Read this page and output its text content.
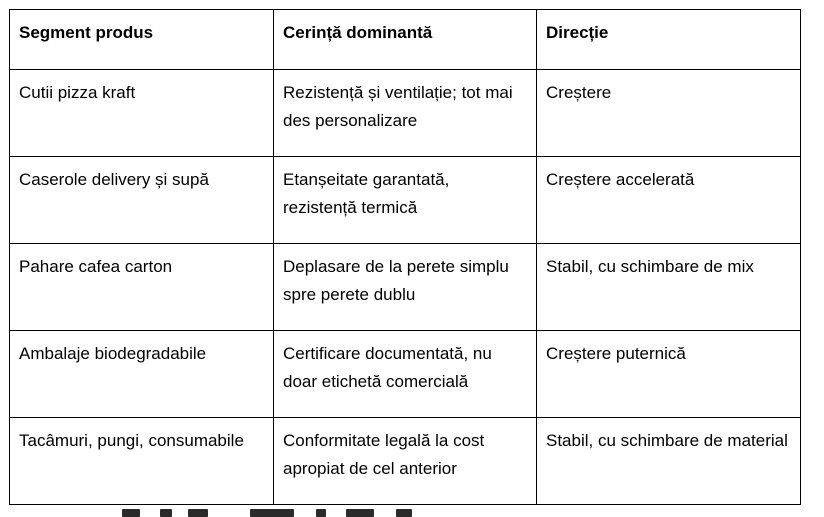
Segment produs	Cerință dominantă	Direcție
Cutii pizza kraft	Rezistență și ventilație; tot mai des personalizare	Creștere
Caserole delivery și supă	Etanșeitate garantată, rezistență termică	Creștere accelerată
Pahare cafea carton	Deplasare de la perete simplu spre perete dublu	Stabil, cu schimbare de mix
Ambalaje biodegradabile	Certificare documentată, nu doar etichetă comercială	Creștere puternică
Tacâmuri, pungi, consumabile	Conformitate legală la cost apropiat de cel anterior	Stabil, cu schimbare de material
